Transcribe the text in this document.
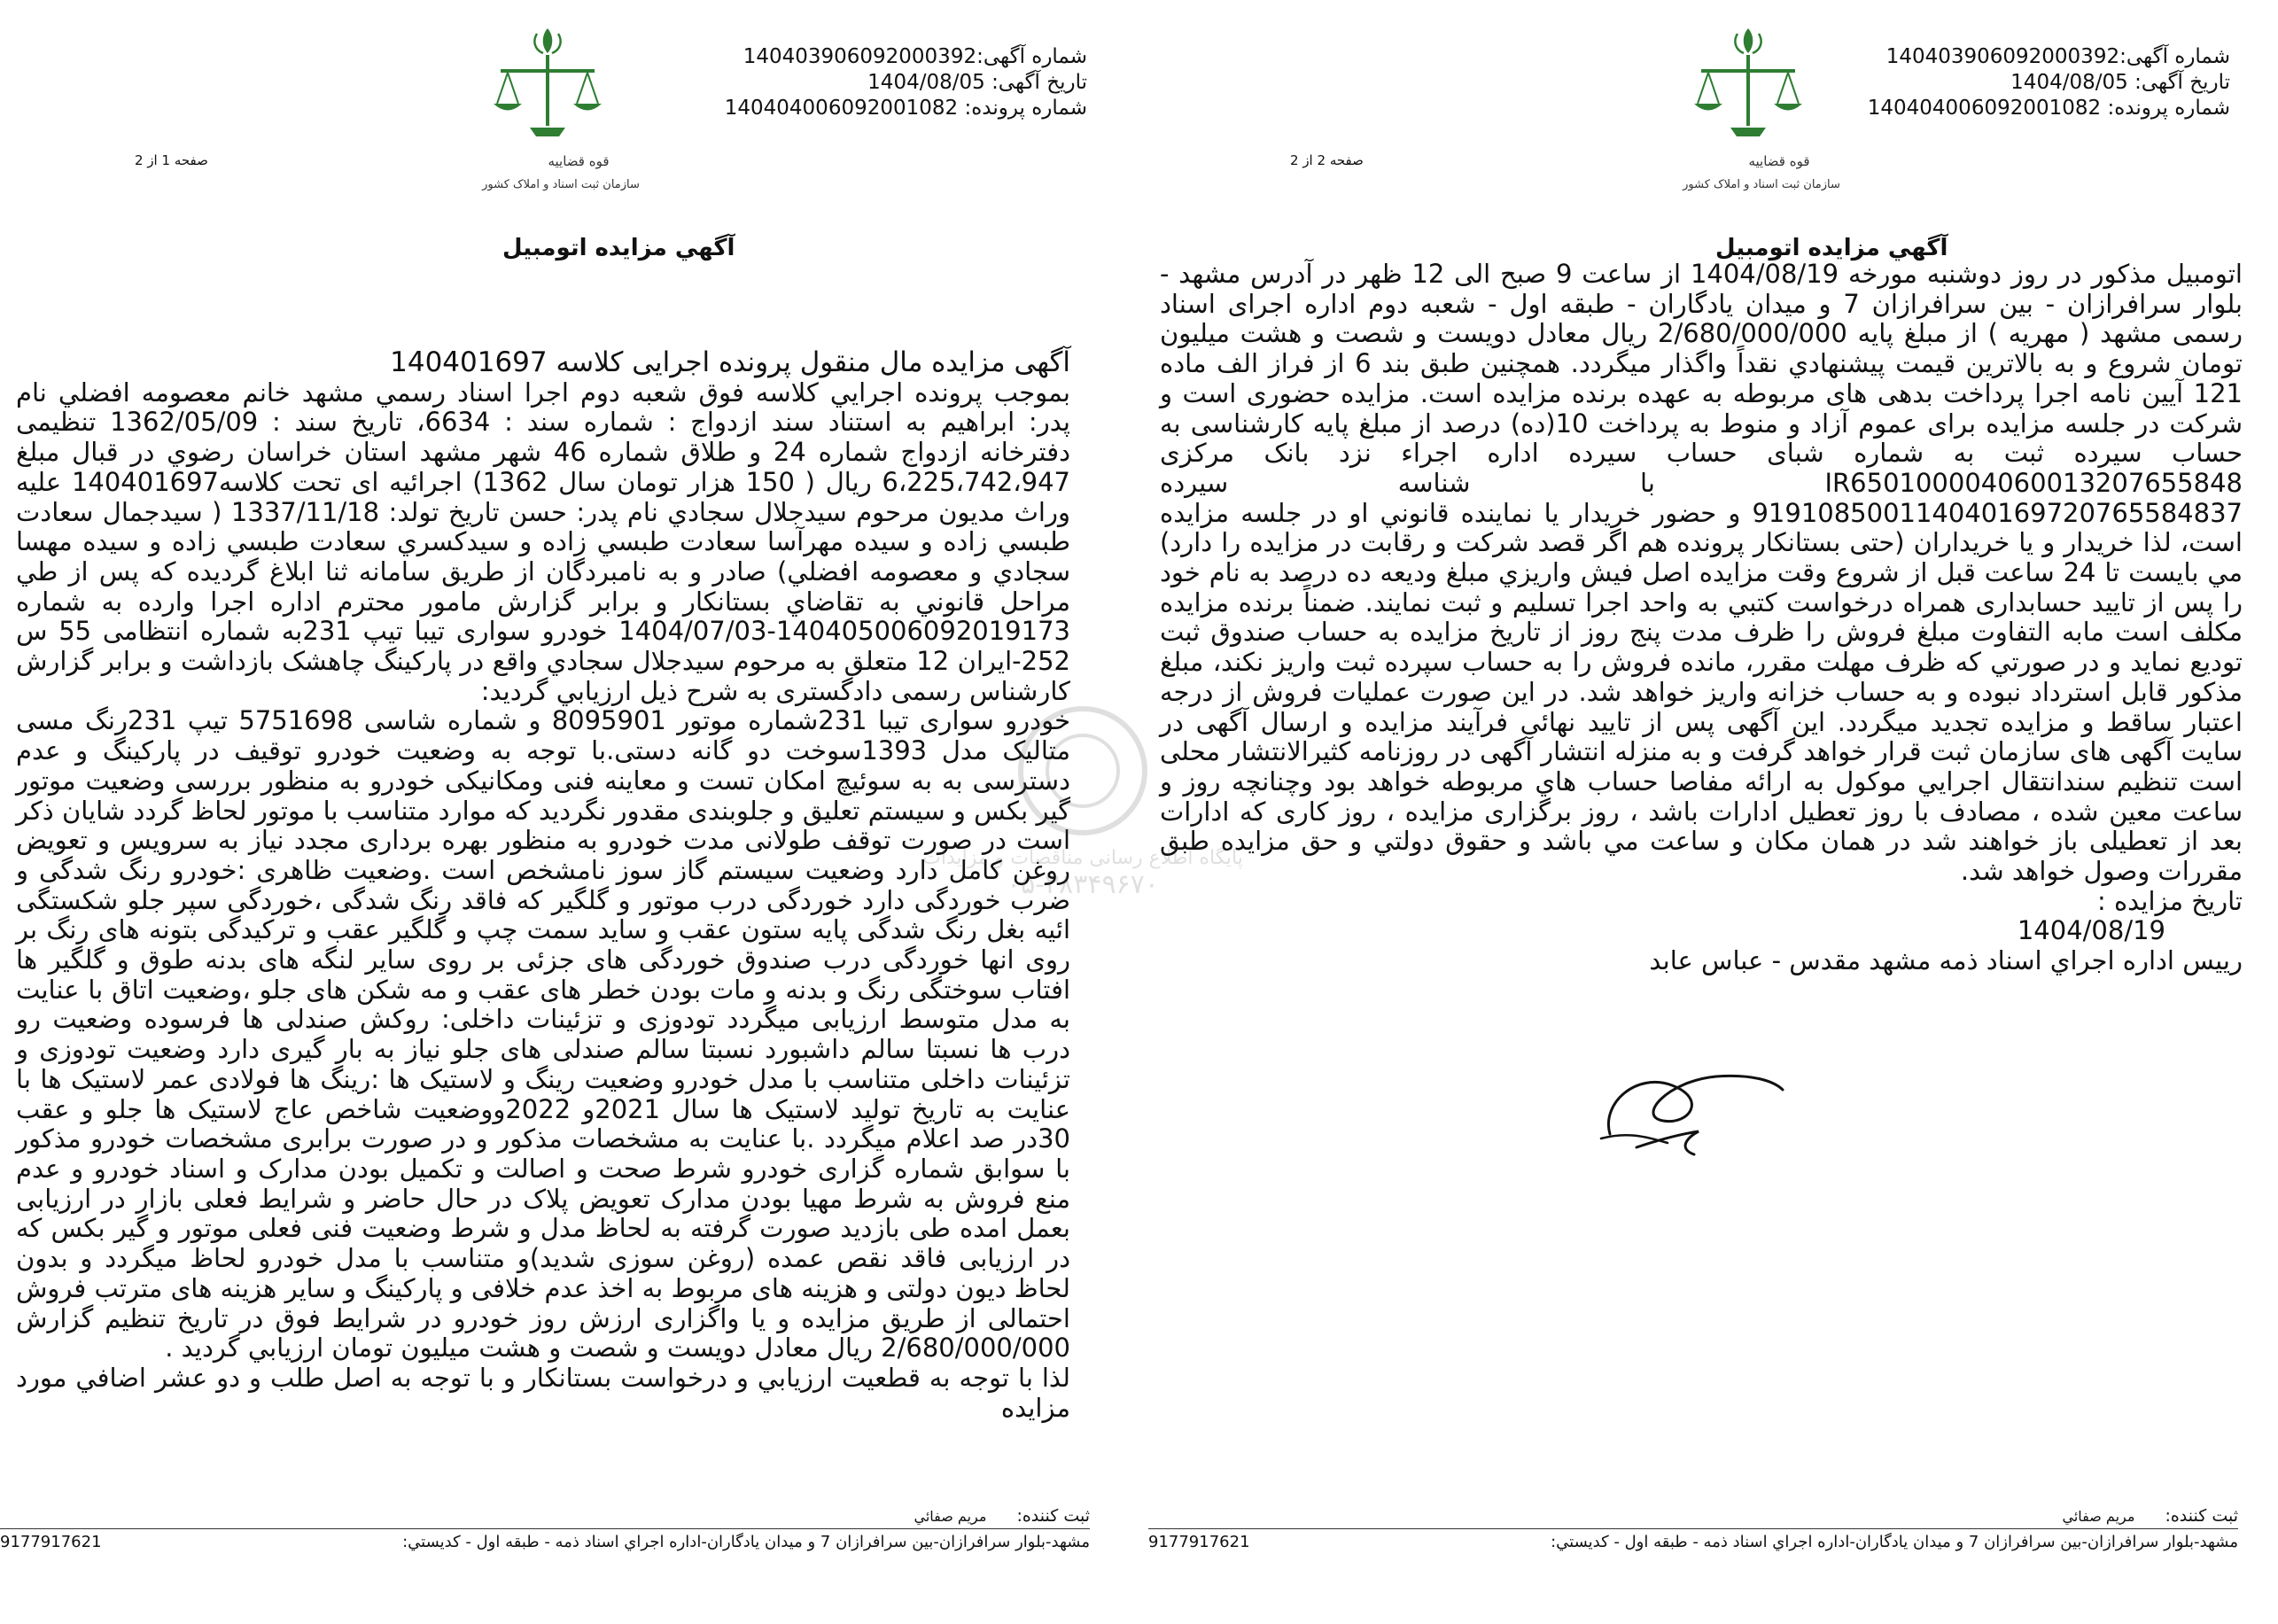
شماره آگهی:140403906092000392
تاریخ آگهی: 1404/08/05
شماره پرونده: 140404006092001082
قوه قضاییه
سازمان ثبت اسناد و املاک کشور
صفحه 1 از 2
آگهي مزايده اتومبيل

آگهی مزایده مال منقول پرونده اجرایی کلاسه 140401697

بموجب پرونده اجرايي كلاسه فوق شعبه دوم اجرا اسناد رسمي مشهد خانم معصومه افضلي نام پدر: ابراهيم به استناد سند ازدواج : شماره سند : 6634، تاریخ سند : 1362/05/09 تنظيمی دفترخانه ازدواج شماره 24 و طلاق شماره 46 شهر مشهد استان خراسان رضوي در قبال مبلغ 6،225،742،947 ریال ( 150 هزار تومان سال 1362) اجرائيه ای تحت كلاسه140401697 عليه وراث مديون مرحوم سيدجلال سجادي نام پدر: حسن تاریخ تولد: 1337/11/18 ( سيدجمال سعادت طبسي زاده و سيده مهرآسا سعادت طبسي زاده و سيدكسري سعادت طبسي زاده و سيده مهسا سجادي و معصومه افضلي) صادر و به نامبردگان از طريق سامانه ثنا ابلاغ گرديده كه پس از طي مراحل قانوني به تقاضاي بستانكار و برابر گزارش مامور محترم اداره اجرا وارده به شماره 14040500609201917​3-1404/07/03 خودرو سواری تیبا تیپ 231به شماره انتظامی 55 س 252-ایران 12 متعلق به مرحوم سيدجلال سجادي واقع در پارکینگ چاهشک بازداشت و برابر گزارش كارشناس رسمی دادگستری به شرح ذيل ارزيابي گرديد:

خودرو سواری تیبا 231شماره موتور 8095901 و شماره شاسی 5751698 تیپ 231رنگ مسی متالیک مدل 1393سوخت دو گانه دستی.با توجه به وضعیت خودرو توقیف در پارکینگ و عدم دسترسی به به سوئیچ امکان تست و معاینه فنی ومکانیکی خودرو به منظور بررسی وضعیت موتور گیر بکس و سیستم تعلیق و جلوبندی مقدور نگردید که موارد متناسب با موتور لحاظ گردد شایان ذکر است در صورت توقف طولانی مدت خودرو به منظور بهره برداری مجدد نیاز به سرویس و تعویض روغن کامل دارد وضعیت سیستم گاز سوز نامشخص است .وضعیت ظاهری :خودرو رنگ شدگی و ضرب خوردگی دارد خوردگی درب موتور و گلگیر که فاقد رنگ شدگی ،خوردگی سپر جلو شکستگی ائیه بغل رنگ شدگی پایه ستون عقب و ساید سمت چپ و گلگیر عقب و ترکیدگی بتونه های رنگ بر روی انها خوردگی درب صندوق خوردگی های جزئی بر روی سایر لنگه های بدنه طوق و گلگیر ها افتاب سوختگی رنگ و بدنه و مات بودن خطر های عقب و مه شکن های جلو ،وضعیت اتاق با عنایت به مدل متوسط ارزیابی میگردد تودوزی و تزئینات داخلی: روکش صندلی ها فرسوده وضعیت رو درب ها نسبتا سالم داشبورد نسبتا سالم صندلی های جلو نیاز به بار گیری دارد وضعیت تودوزی و تزئینات داخلی متناسب با مدل خودرو وضعیت رینگ و لاستیک ها :رینگ ها فولادی عمر لاستیک ها با عنایت به تاریخ تولید لاستیک ها سال 2021و 2022ووضعیت شاخص عاج لاستیک ها جلو و عقب 30در صد اعلام میگردد .با عنایت به مشخصات مذکور و در صورت برابری مشخصات خودرو مذکور با سوابق شماره گزاری خودرو شرط صحت و اصالت و تکمیل بودن مدارک و اسناد خودرو و عدم منع فروش به شرط مهیا بودن مدارک تعویض پلاک در حال حاضر و شرایط فعلی بازار در ارزیابی بعمل امده طی بازدید صورت گرفته به لحاظ مدل و شرط وضعیت فنی فعلی موتور و گیر بکس که در ارزیابی فاقد نقص عمده (روغن سوزی شدید)و متناسب با مدل خودرو لحاظ میگردد و بدون لحاظ دیون دولتی و هزینه های مربوط به اخذ عدم خلافی و پارکینگ و سایر هزینه های مترتب فروش احتمالی از طریق مزایده و یا واگزاری ارزش روز خودرو در شرایط فوق در تاریخ تنظیم گزارش 2/680/000/000 ريال معادل دويست و شصت و هشت ميليون تومان ارزيابي گرديد .

لذا با توجه به قطعيت ارزيابي و درخواست بستانكار و با توجه به اصل طلب و دو عشر اضافي مورد مزايده

ثبت كننده:
مريم صفائي
مشهد-بلوار سرافرازان-بين سرافرازان 7 و ميدان يادگاران-اداره اجراي اسناد ذمه - طبقه اول - كديستي:
9177917621
شماره آگهی:140403906092000392
تاریخ آگهی: 1404/08/05
شماره پرونده: 140404006092001082
قوه قضاییه
سازمان ثبت اسناد و املاک کشور
صفحه 2 از 2
آگهي مزايده اتومبيل

اتومبیل مذکور در روز دوشنبه مورخه 1404/08/19 از ساعت 9 صبح الی 12 ظهر در آدرس مشهد - بلوار سرافرازان - بین سرافرازان 7 و میدان یادگاران - طبقه اول - شعبه دوم اداره اجرای اسناد رسمی مشهد ( مهریه ) از مبلغ پایه 2/680/000/000 ريال معادل دويست و شصت و هشت ميليون تومان شروع و به بالاترين قيمت پيشنهادي نقداً واگذار ميگردد. همچنین طبق بند 6 از فراز الف ماده 121 آیین نامه اجرا پرداخت بدهی های مربوطه به عهده برنده مزایده است. مزایده حضوری است و شرکت در جلسه مزایده برای عموم آزاد و منوط به پرداخت 10(ده) درصد از مبلغ پایه کارشناسی به حساب سیرده ثبت به شماره شبای حساب سیرده اداره اجراء نزد بانک مرکزی IR650100004060013207655848 با شناسه سیرده 919108500114040169720765584837 و حضور خريدار يا نماينده قانوني او در جلسه مزايده است، لذا خريدار و يا خريداران (حتی بستانکار پرونده هم اگر قصد شرکت و رقابت در مزایده را دارد) مي بايست تا 24 ساعت قبل از شروع وقت مزايده اصل فيش واريزي مبلغ وديعه ده درصد به نام خود را پس از تاييد حسابداری همراه درخواست كتبي به واحد اجرا تسليم و ثبت نمايند. ضمناً برنده مزایده مکلف است مابه التفاوت مبلغ فروش را ظرف مدت پنج روز از تاریخ مزایده به حساب صندوق ثبت تودیع نماید و در صورتي كه ظرف مهلت مقرر، مانده فروش را به حساب سپرده ثبت واريز نكند، مبلغ مذكور قابل استرداد نبوده و به حساب خزانه واريز خواهد شد. در این صورت عملیات فروش از درجه اعتبار ساقط و مزایده تجدید میگردد. این آگهی پس از تایید نهائی فرآیند مزایده و ارسال آگهی در سایت آگهی های سازمان ثبت قرار خواهد گرفت و به منزله انتشار آگهی در روزنامه کثیرالانتشار محلی است تنظيم سندانتقال اجرايي موكول به ارائه مفاصا حساب هاي مربوطه خواهد بود وچنانچه روز و ساعت معين شده ، مصادف با روز تعطيل ادارات باشد ، روز برگزاری مزایده ، روز کاری که ادارات بعد از تعطیلی باز خواهند شد در همان مكان و ساعت مي باشد و حقوق دولتي و حق مزايده طبق مقررات وصول خواهد شد.

تاريخ مزايده :

   1404/08/19

رييس اداره اجراي اسناد ذمه مشهد مقدس - عباس عابد

ثبت كننده:
مريم صفائي
مشهد-بلوار سرافرازان-بين سرافرازان 7 و ميدان يادگاران-اداره اجراي اسناد ذمه - طبقه اول - كديستي:
9177917621
پایگاه اطلاع رسانی مناقصات و مزایدات
۰۵-۳۸۳۴۹۶۷۰
